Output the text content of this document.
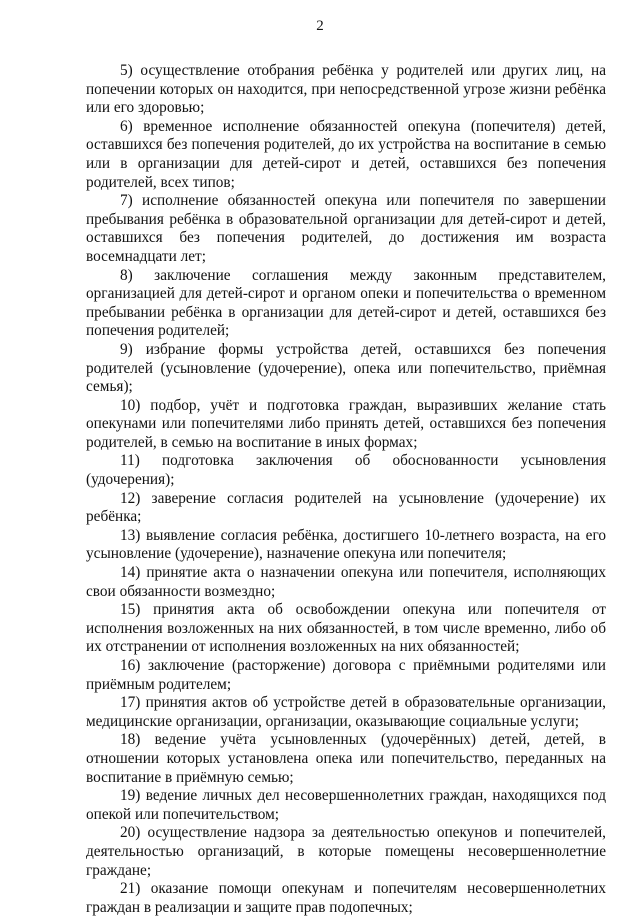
2

5) осуществление отобрания ребёнка у родителей или других лиц, на попечении которых он находится, при непосредственной угрозе жизни ребёнка или его здоровью;

6) временное исполнение обязанностей опекуна (попечителя) детей, оставшихся без попечения родителей, до их устройства на воспитание в семью или в организации для детей-сирот и детей, оставшихся без попечения родителей, всех типов;

7) исполнение обязанностей опекуна или попечителя по завершении пребывания ребёнка в образовательной организации для детей-сирот и детей, оставшихся без попечения родителей, до достижения им возраста восемнадцати лет;

8) заключение соглашения между законным представителем, организацией для детей-сирот и органом опеки и попечительства о временном пребывании ребёнка в организации для детей-сирот и детей, оставшихся без попечения родителей;

9) избрание формы устройства детей, оставшихся без попечения родителей (усыновление (удочерение), опека или попечительство, приёмная семья);

10) подбор, учёт и подготовка граждан, выразивших желание стать опекунами или попечителями либо принять детей, оставшихся без попечения родителей, в семью на воспитание в иных формах;

11) подготовка заключения об обоснованности усыновления (удочерения);

12) заверение согласия родителей на усыновление (удочерение) их ребёнка;

13) выявление согласия ребёнка, достигшего 10-летнего возраста, на его усыновление (удочерение), назначение опекуна или попечителя;

14) принятие акта о назначении опекуна или попечителя, исполняющих свои обязанности возмездно;

15) принятия акта об освобождении опекуна или попечителя от исполнения возложенных на них обязанностей, в том числе временно, либо об их отстранении от исполнения возложенных на них обязанностей;

16) заключение (расторжение) договора с приёмными родителями или приёмным родителем;

17) принятия актов об устройстве детей в образовательные организации, медицинские организации, организации, оказывающие социальные услуги;

18) ведение учёта усыновленных (удочерённых) детей, детей, в отношении которых установлена опека или попечительство, переданных на воспитание в приёмную семью;

19) ведение личных дел несовершеннолетних граждан, находящихся под опекой или попечительством;

20) осуществление надзора за деятельностью опекунов и попечителей, деятельностью организаций, в которые помещены несовершеннолетние граждане;

21) оказание помощи опекунам и попечителям несовершеннолетних граждан в реализации и защите прав подопечных;
